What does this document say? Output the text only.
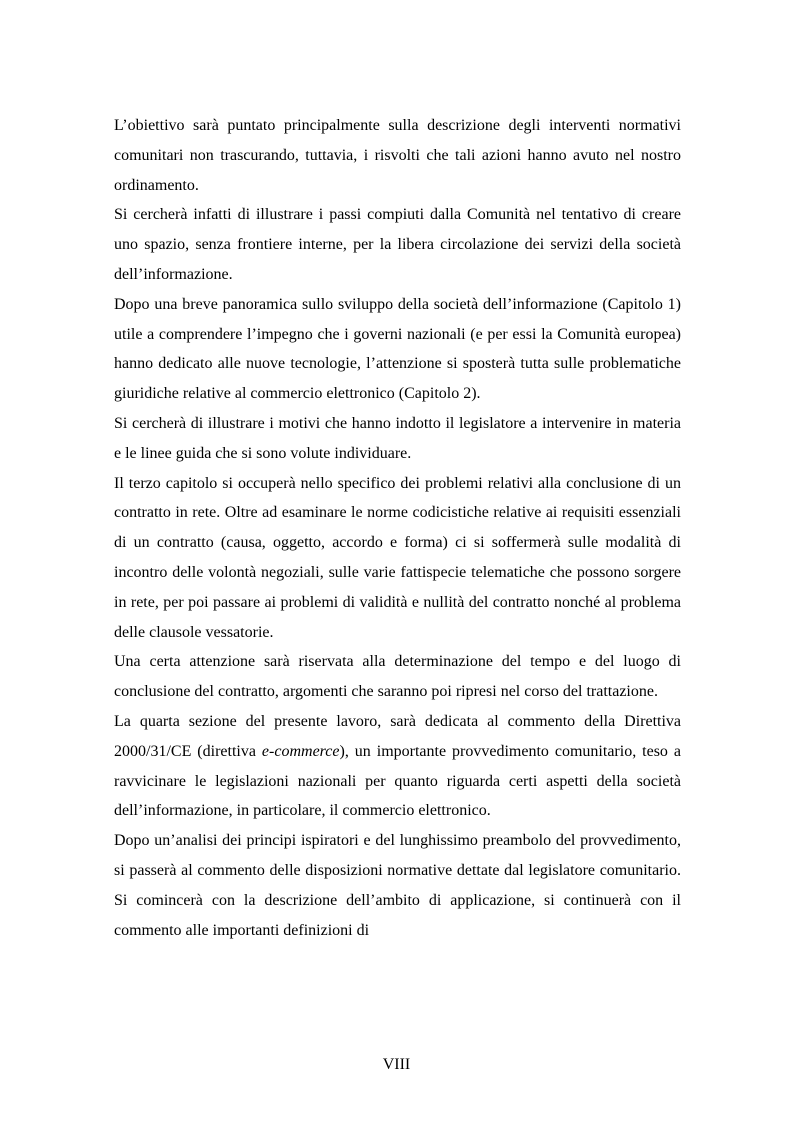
L’obiettivo sarà puntato principalmente sulla descrizione degli interventi normativi comunitari non trascurando, tuttavia, i risvolti che tali azioni hanno avuto nel nostro ordinamento.

Si cercherà infatti di illustrare i passi compiuti dalla Comunità nel tentativo di creare uno spazio, senza frontiere interne, per la libera circolazione dei servizi della società dell’informazione.

Dopo una breve panoramica sullo sviluppo della società dell’informazione (Capitolo 1) utile a comprendere l’impegno che i governi nazionali (e per essi la Comunità europea) hanno dedicato alle nuove tecnologie, l’attenzione si sposterà tutta sulle problematiche giuridiche relative al commercio elettronico (Capitolo 2).

Si cercherà di illustrare i motivi che hanno indotto il legislatore a intervenire in materia e le linee guida che si sono volute individuare.

Il terzo capitolo si occuperà nello specifico dei problemi relativi alla conclusione di un contratto in rete. Oltre ad esaminare le norme codicistiche relative ai requisiti essenziali di un contratto (causa, oggetto, accordo e forma) ci si soffermerà sulle modalità di incontro delle volontà negoziali, sulle varie fattispecie telematiche che possono sorgere in rete, per poi passare ai problemi di validità e nullità del contratto nonché al problema delle clausole vessatorie.

Una certa attenzione sarà riservata alla determinazione del tempo e del luogo di conclusione del contratto, argomenti che saranno poi ripresi nel corso del trattazione.

La quarta sezione del presente lavoro, sarà dedicata al commento della Direttiva 2000/31/CE (direttiva e-commerce), un importante provvedimento comunitario, teso a ravvicinare le legislazioni nazionali per quanto riguarda certi aspetti della società dell’informazione, in particolare, il commercio elettronico.

Dopo un’analisi dei principi ispiratori e del lunghissimo preambolo del provvedimento, si passerà al commento delle disposizioni normative dettate dal legislatore comunitario. Si comincerà con la descrizione dell’ambito di applicazione, si continuerà con il commento alle importanti definizioni di

VIII
